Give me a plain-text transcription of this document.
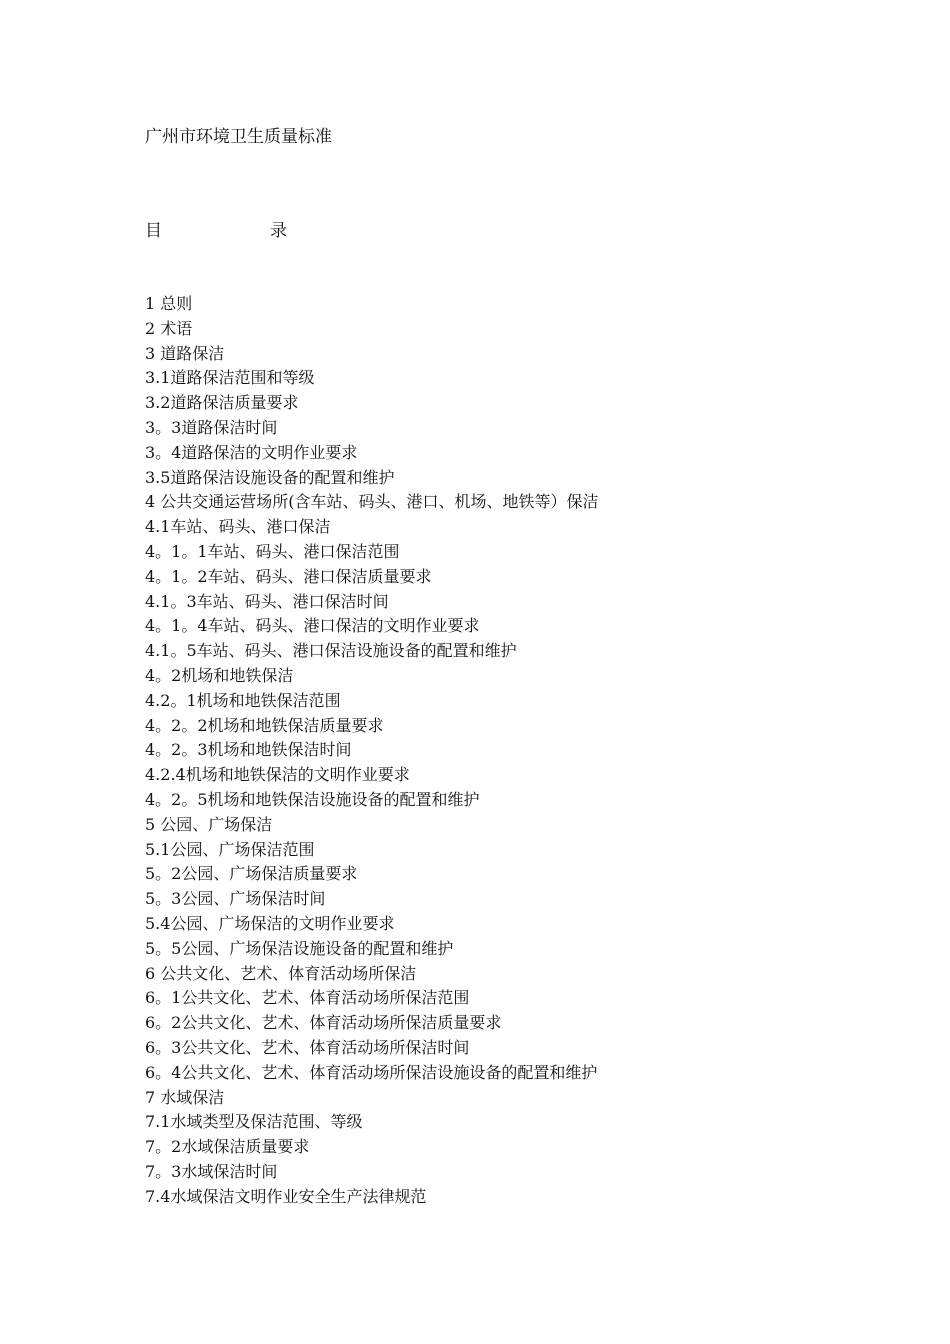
广州市环境卫生质量标准
目	录
1 总则
2 术语
3 道路保洁
3.1道路保洁范围和等级
3.2道路保洁质量要求
3。3道路保洁时间
3。4道路保洁的文明作业要求
3.5道路保洁设施设备的配置和维护
4 公共交通运营场所(含车站、码头、港口、机场、地铁等）保洁
4.1车站、码头、港口保洁
4。1。1车站、码头、港口保洁范围
4。1。2车站、码头、港口保洁质量要求
4.1。3车站、码头、港口保洁时间
4。1。4车站、码头、港口保洁的文明作业要求
4.1。5车站、码头、港口保洁设施设备的配置和维护
4。2机场和地铁保洁
4.2。1机场和地铁保洁范围
4。2。2机场和地铁保洁质量要求
4。2。3机场和地铁保洁时间
4.2.4机场和地铁保洁的文明作业要求
4。2。5机场和地铁保洁设施设备的配置和维护
5 公园、广场保洁
5.1公园、广场保洁范围
5。2公园、广场保洁质量要求
5。3公园、广场保洁时间
5.4公园、广场保洁的文明作业要求
5。5公园、广场保洁设施设备的配置和维护
6 公共文化、艺术、体育活动场所保洁
6。1公共文化、艺术、体育活动场所保洁范围
6。2公共文化、艺术、体育活动场所保洁质量要求
6。3公共文化、艺术、体育活动场所保洁时间
6。4公共文化、艺术、体育活动场所保洁设施设备的配置和维护
7 水域保洁
7.1水域类型及保洁范围、等级
7。2水域保洁质量要求
7。3水域保洁时间
7.4水域保洁文明作业安全生产法律规范
